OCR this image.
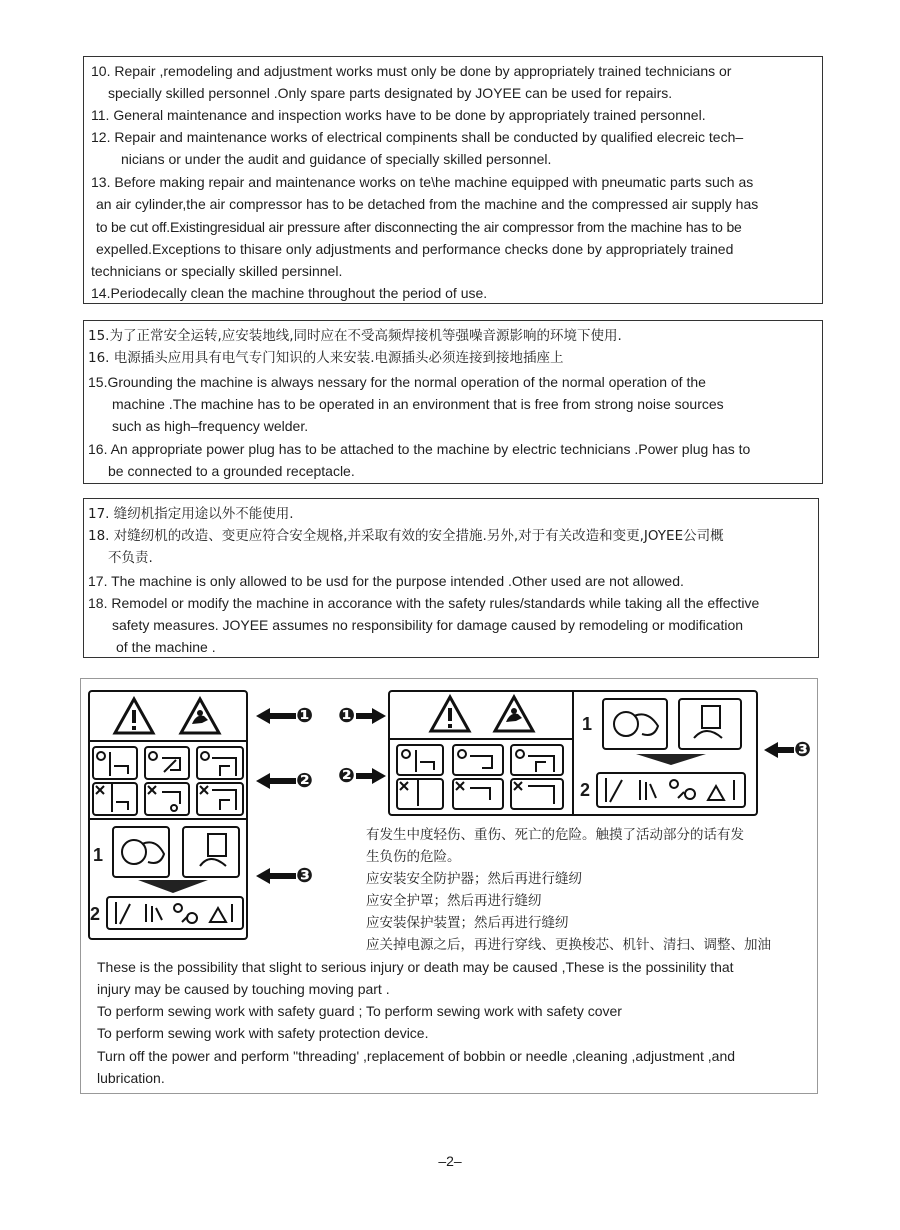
10. Repair ,remodeling and adjustment works must only be done by appropriately trained technicians or
specially skilled personnel .Only spare parts designated by JOYEE can be used for repairs.
11. General maintenance and inspection works have to be done by appropriately trained personnel.
12. Repair and maintenance works of electrical compinents shall be conducted by qualified elecreic tech–
nicians or under the audit and guidance of specially skilled personnel.
13. Before making repair and maintenance works on te\he machine equipped with pneumatic parts such as
an air cylinder,the air compressor has to be detached from the machine and the compressed air supply has
to be cut off.Existingresidual air pressure after disconnecting the air compressor from the machine has to be
expelled.Exceptions to thisare only adjustments and performance checks done by appropriately trained
technicians or specially skilled persinnel.
14.Periodecally clean the machine throughout the period of use.
15.为了正常安全运转,应安装地线,同时应在不受高频焊接机等强噪音源影响的环境下使用.
16. 电源插头应用具有电气专门知识的人来安装.电源插头必须连接到接地插座上
15.Grounding the machine is always nessary for the normal operation of the normal operation of the
machine .The machine has to be operated in an environment that is free from strong noise sources
such as high–frequency welder.
16. An appropriate power plug has to be attached to the machine by electric technicians .Power plug has to
be connected to a grounded receptacle.
17. 缝纫机指定用途以外不能使用.
18. 对缝纫机的改造、变更应符合安全规格,并采取有效的安全措施.另外,对于有关改造和变更,JOYEE公司概
不负责.
17. The machine is only allowed to be usd for the purpose intended .Other used are not allowed.
18. Remodel or modify the machine in accorance with the safety rules/standards while taking all the effective
safety measures. JOYEE assumes no responsibility for damage caused by remodeling or modification
of the machine .
1
2
❶
❷
❸
❶
❷
1
2
❸
有发生中度轻伤、重伤、死亡的危险。触摸了活动部分的话有发
生负伤的危险。
应安装安全防护器；然后再进行缝纫
应安全护罩；然后再进行缝纫
应安装保护装置；然后再进行缝纫
应关掉电源之后，再进行穿线、更换梭芯、机针、清扫、调整、加油
These is the possibility that slight to serious injury or death may be caused ,These is the possinility that
injury may be caused by touching moving part .
To perform sewing work with safety guard ; To perform sewing work with safety cover
To perform sewing work with safety protection device.
Turn off the power and perform "threading' ,replacement of bobbin or needle ,cleaning ,adjustment ,and
lubrication.
–2–
